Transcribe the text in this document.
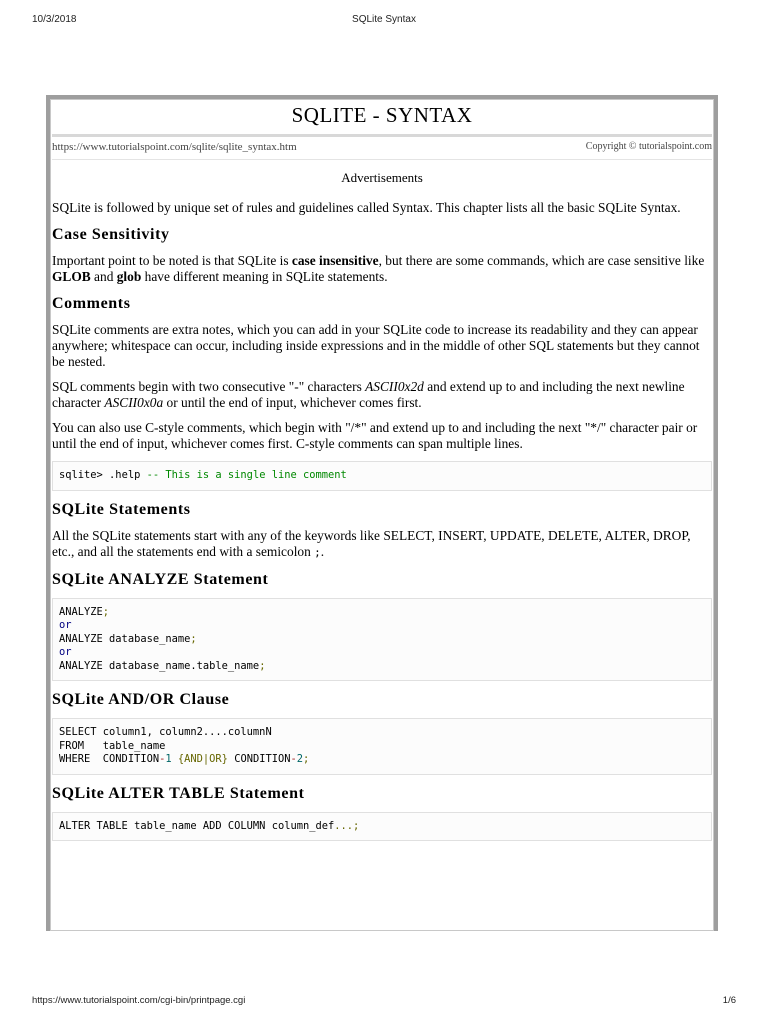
10/3/2018	SQLite Syntax
SQLITE - SYNTAX
https://www.tutorialspoint.com/sqlite/sqlite_syntax.htm	Copyright © tutorialspoint.com
Advertisements

SQLite is followed by unique set of rules and guidelines called Syntax. This chapter lists all the basic SQLite Syntax.

Case Sensitivity

Important point to be noted is that SQLite is case insensitive, but there are some commands, which are case sensitive like GLOB and glob have different meaning in SQLite statements.

Comments

SQLite comments are extra notes, which you can add in your SQLite code to increase its readability and they can appear anywhere; whitespace can occur, including inside expressions and in the middle of other SQL statements but they cannot be nested.

SQL comments begin with two consecutive "-" characters ASCII0x2d and extend up to and including the next newline character ASCII0x0a or until the end of input, whichever comes first.

You can also use C-style comments, which begin with "/*" and extend up to and including the next "*/" character pair or until the end of input, whichever comes first. C-style comments can span multiple lines.

sqlite> .help -- This is a single line comment
SQLite Statements

All the SQLite statements start with any of the keywords like SELECT, INSERT, UPDATE, DELETE, ALTER, DROP, etc., and all the statements end with a semicolon ;.

SQLite ANALYZE Statement
ANALYZE;
or
ANALYZE database_name;
or
ANALYZE database_name.table_name;
SQLite AND/OR Clause
SELECT column1, column2....columnN
FROM   table_name
WHERE  CONDITION-1 {AND|OR} CONDITION-2;
SQLite ALTER TABLE Statement
ALTER TABLE table_name ADD COLUMN column_def...;
https://www.tutorialspoint.com/cgi-bin/printpage.cgi	1/6
